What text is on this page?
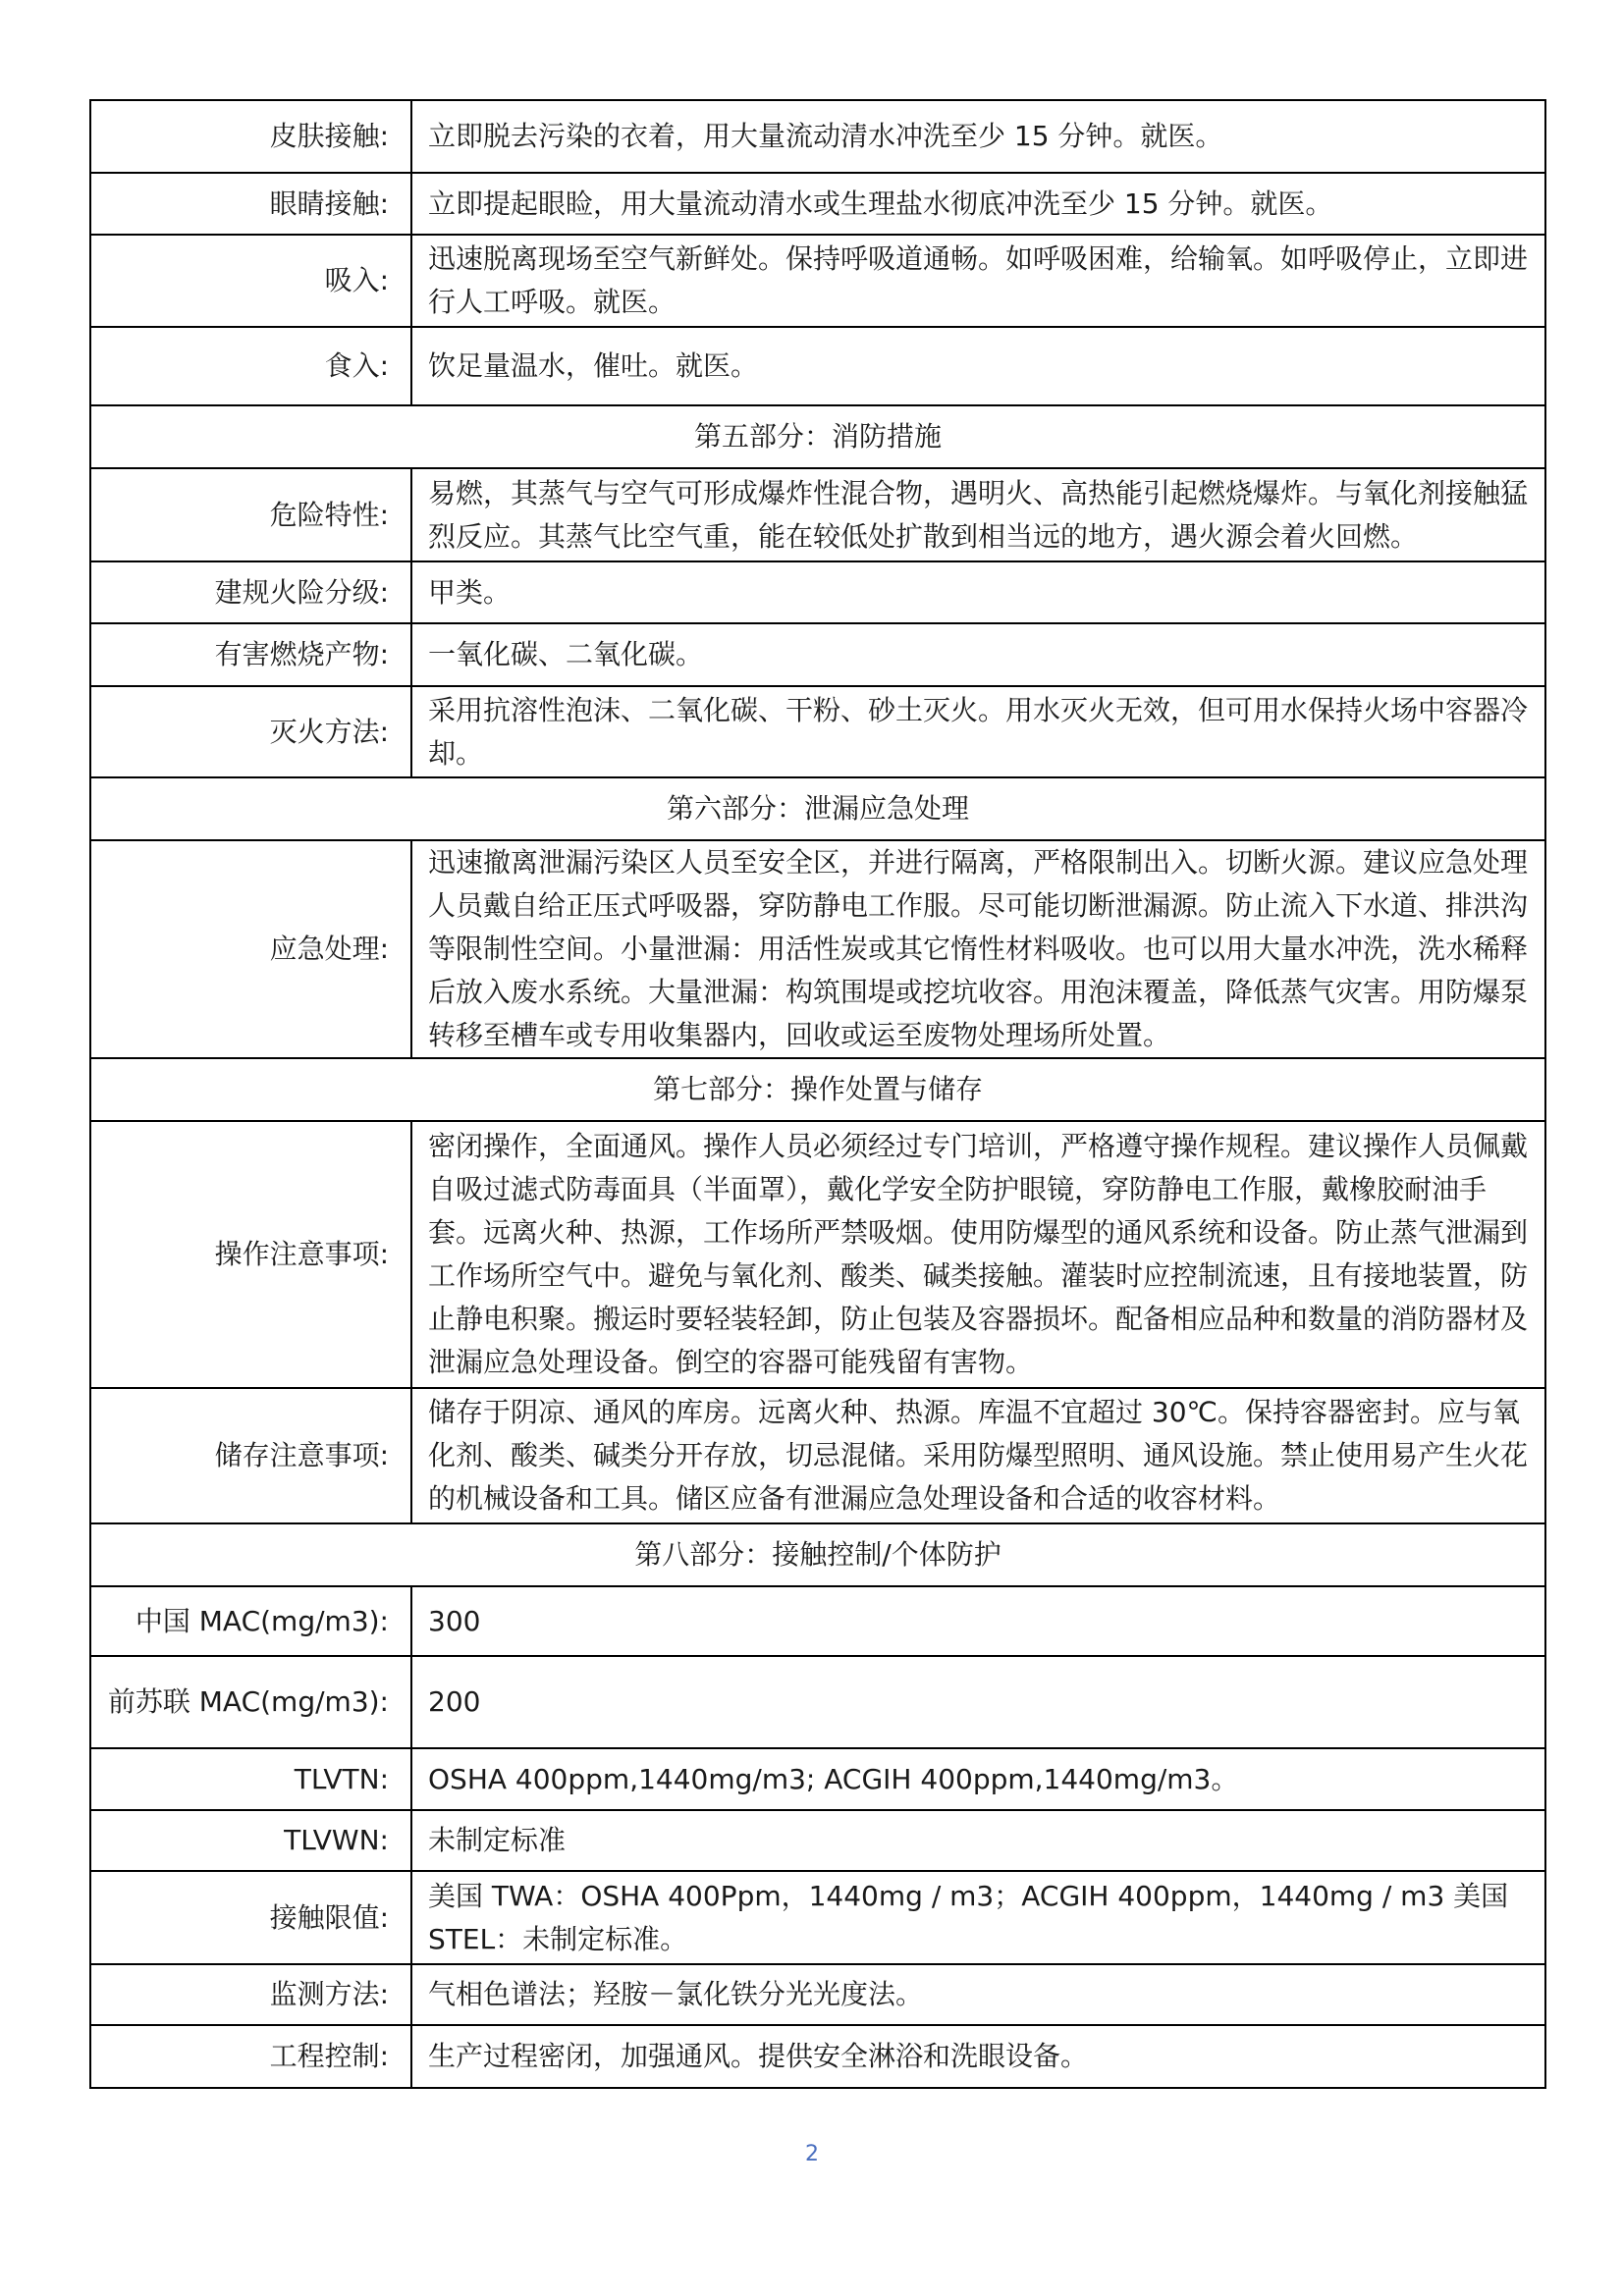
皮肤接触:	立即脱去污染的衣着，用大量流动清水冲洗至少 15 分钟。就医。
眼睛接触:	立即提起眼睑，用大量流动清水或生理盐水彻底冲洗至少 15 分钟。就医。
吸入:	迅速脱离现场至空气新鲜处。保持呼吸道通畅。如呼吸困难，给输氧。如呼吸停止，立即进行人工呼吸。就医。
食入:	饮足量温水，催吐。就医。
第五部分：消防措施	
危险特性:	易燃，其蒸气与空气可形成爆炸性混合物，遇明火、高热能引起燃烧爆炸。与氧化剂接触猛烈反应。其蒸气比空气重，能在较低处扩散到相当远的地方，遇火源会着火回燃。
建规火险分级:	甲类。
有害燃烧产物:	一氧化碳、二氧化碳。
灭火方法:	采用抗溶性泡沫、二氧化碳、干粉、砂土灭火。用水灭火无效，但可用水保持火场中容器冷却。
第六部分：泄漏应急处理	
应急处理:	迅速撤离泄漏污染区人员至安全区，并进行隔离，严格限制出入。切断火源。建议应急处理人员戴自给正压式呼吸器，穿防静电工作服。尽可能切断泄漏源。防止流入下水道、排洪沟等限制性空间。小量泄漏：用活性炭或其它惰性材料吸收。也可以用大量水冲洗，洗水稀释后放入废水系统。大量泄漏：构筑围堤或挖坑收容。用泡沫覆盖，降低蒸气灾害。用防爆泵转移至槽车或专用收集器内，回收或运至废物处理场所处置。
第七部分：操作处置与储存	
操作注意事项:	密闭操作，全面通风。操作人员必须经过专门培训，严格遵守操作规程。建议操作人员佩戴自吸过滤式防毒面具（半面罩），戴化学安全防护眼镜，穿防静电工作服，戴橡胶耐油手套。远离火种、热源，工作场所严禁吸烟。使用防爆型的通风系统和设备。防止蒸气泄漏到工作场所空气中。避免与氧化剂、酸类、碱类接触。灌装时应控制流速，且有接地装置，防止静电积聚。搬运时要轻装轻卸，防止包装及容器损坏。配备相应品种和数量的消防器材及泄漏应急处理设备。倒空的容器可能残留有害物。
储存注意事项:	储存于阴凉、通风的库房。远离火种、热源。库温不宜超过 30℃。保持容器密封。应与氧化剂、酸类、碱类分开存放，切忌混储。采用防爆型照明、通风设施。禁止使用易产生火花的机械设备和工具。储区应备有泄漏应急处理设备和合适的收容材料。
第八部分：接触控制/个体防护	
中国 MAC(mg/m3):	300
前苏联 MAC(mg/m3):	200
TLVTN:	OSHA 400ppm,1440mg/m3; ACGIH 400ppm,1440mg/m3。
TLVWN:	未制定标准
接触限值:	美国 TWA：OSHA 400Ppm，1440mg / m3；ACGIH 400ppm，1440mg / m3 美国 STEL：未制定标准。
监测方法:	气相色谱法；羟胺－氯化铁分光光度法。
工程控制:	生产过程密闭，加强通风。提供安全淋浴和洗眼设备。
2
